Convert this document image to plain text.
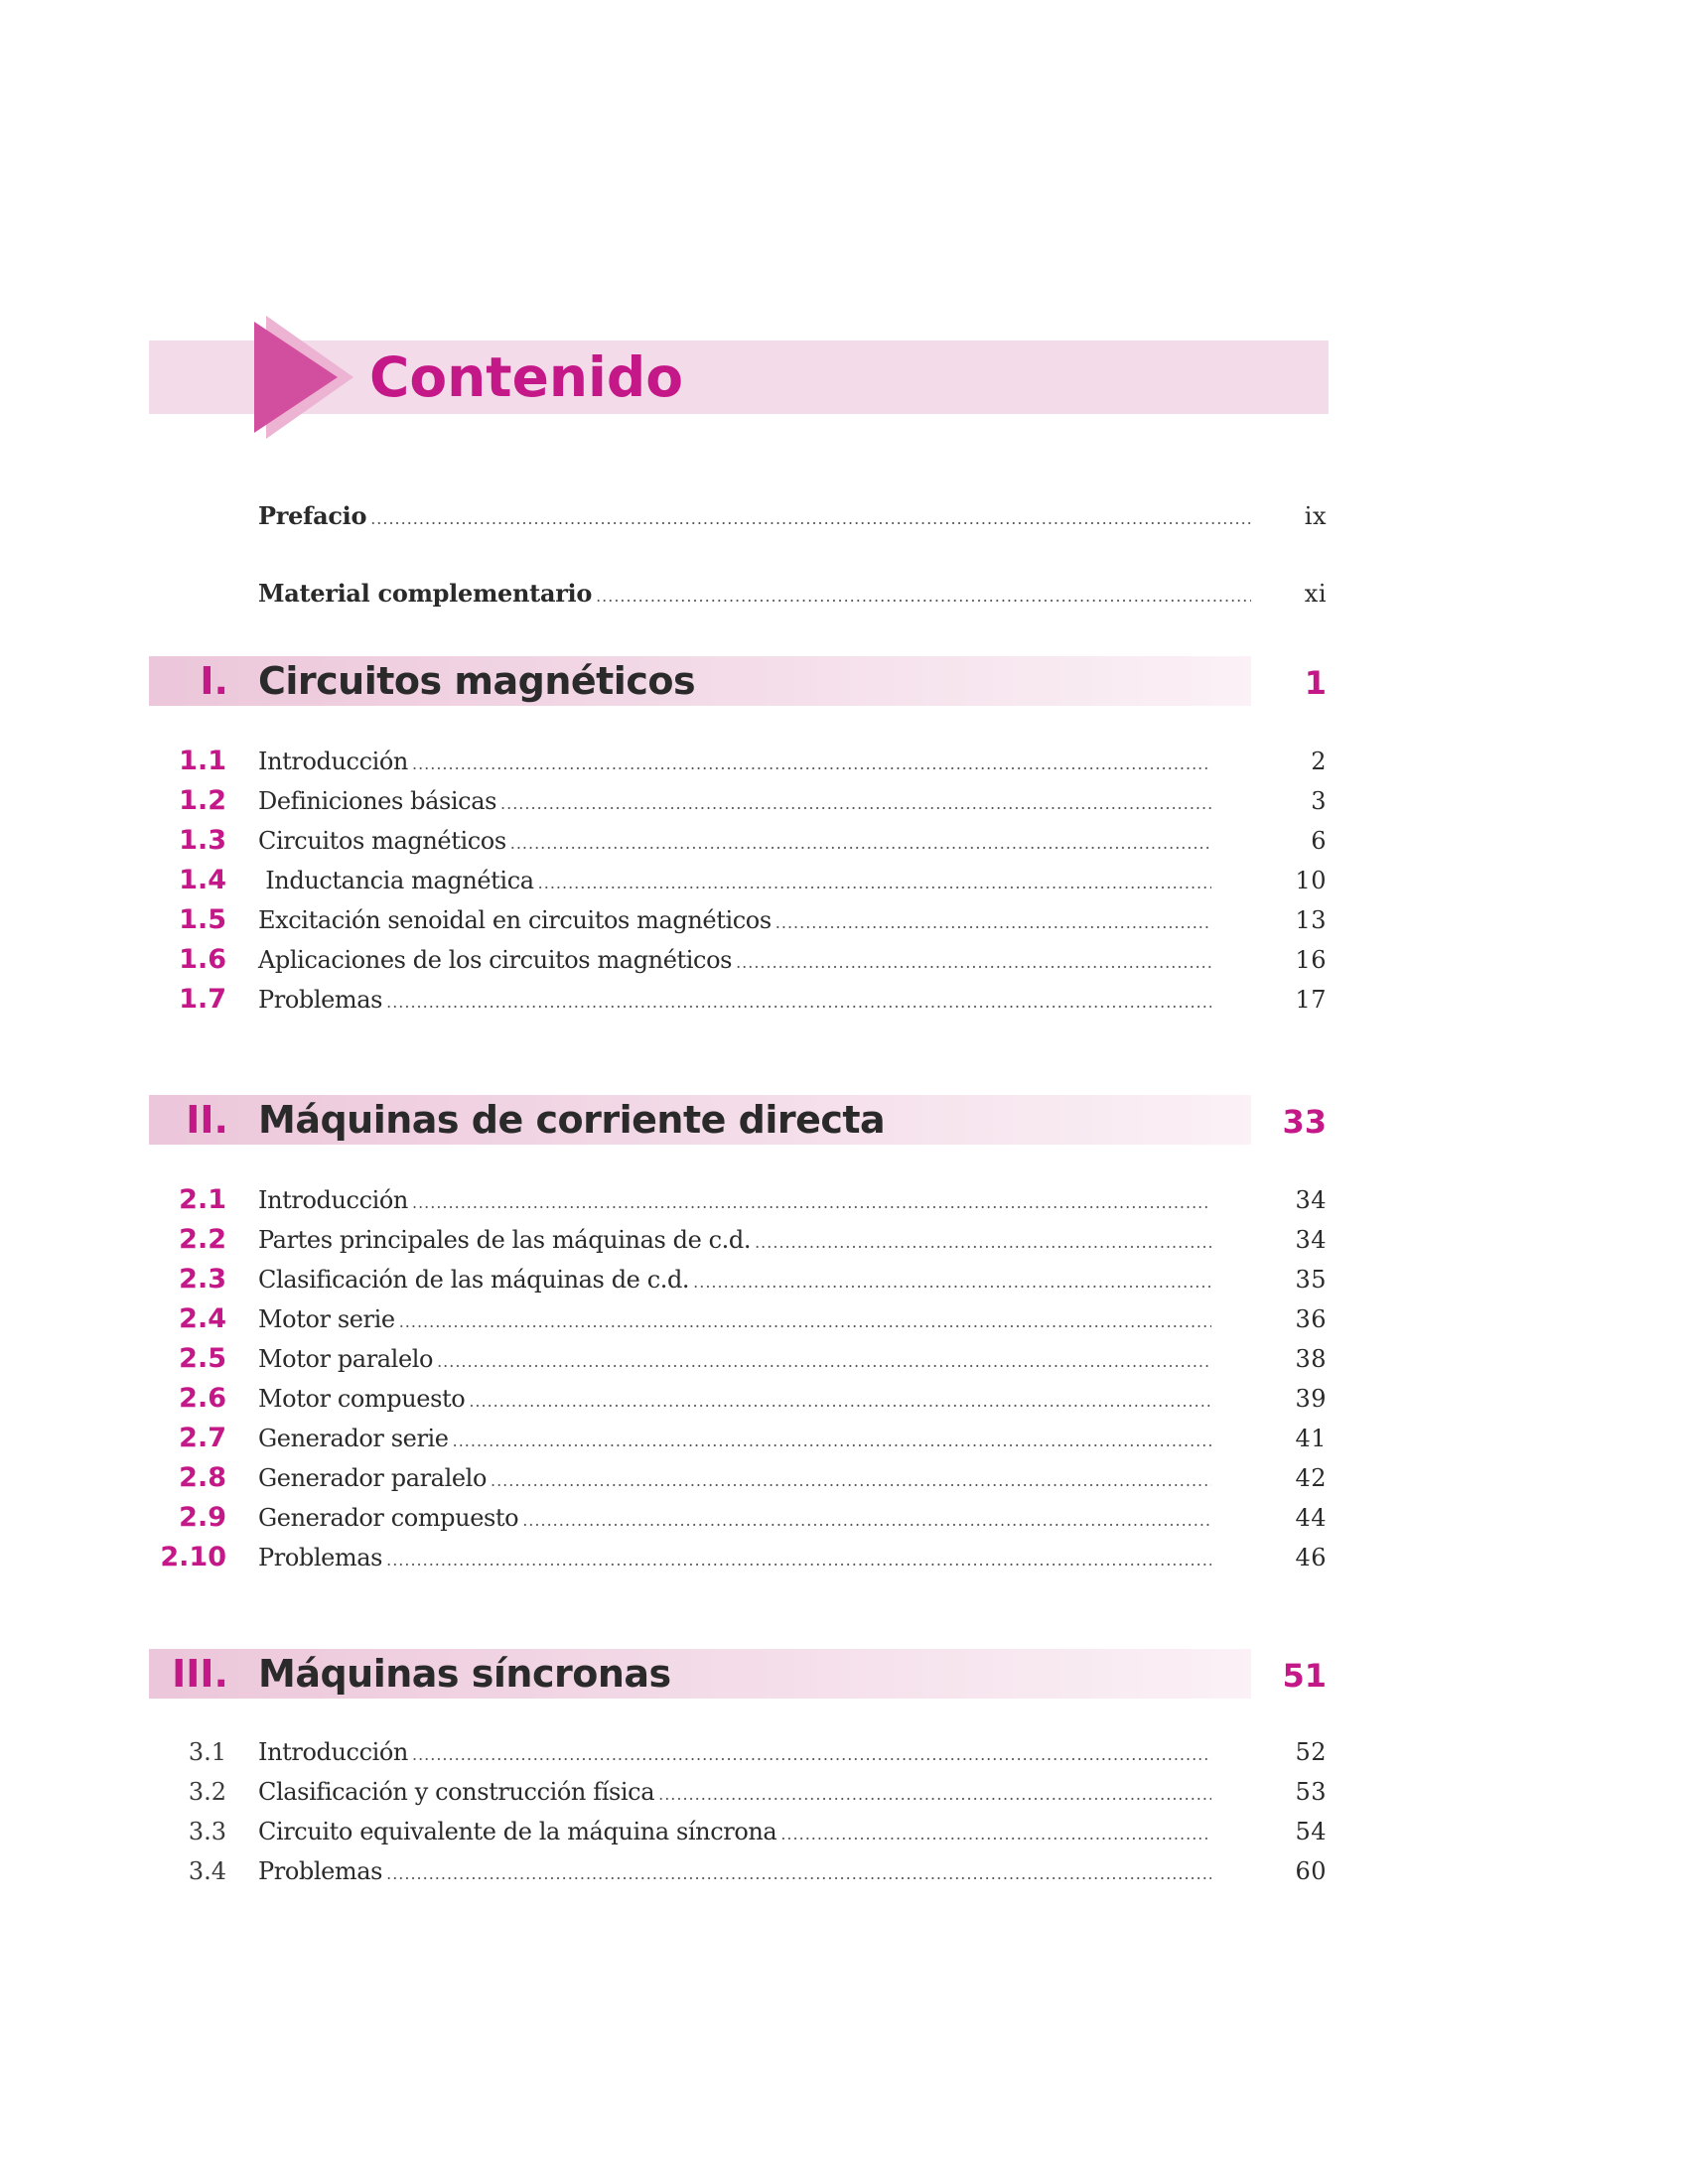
Contenido
Prefacio .....	ix
Material complementario .....	xi
I. Circuitos magnéticos	1
1.1 Introducción .....	2
1.2 Definiciones básicas .....	3
1.3 Circuitos magnéticos .....	6
1.4 Inductancia magnética .....	10
1.5 Excitación senoidal en circuitos magnéticos .....	13
1.6 Aplicaciones de los circuitos magnéticos .....	16
1.7 Problemas .....	17
II. Máquinas de corriente directa	33
2.1 Introducción .....	34
2.2 Partes principales de las máquinas de c.d. .....	34
2.3 Clasificación de las máquinas de c.d. .....	35
2.4 Motor serie .....	36
2.5 Motor paralelo .....	38
2.6 Motor compuesto .....	39
2.7 Generador serie .....	41
2.8 Generador paralelo .....	42
2.9 Generador compuesto .....	44
2.10 Problemas .....	46
III. Máquinas síncronas	51
3.1 Introducción .....	52
3.2 Clasificación y construcción física .....	53
3.3 Circuito equivalente de la máquina síncrona .....	54
3.4 Problemas .....	60
